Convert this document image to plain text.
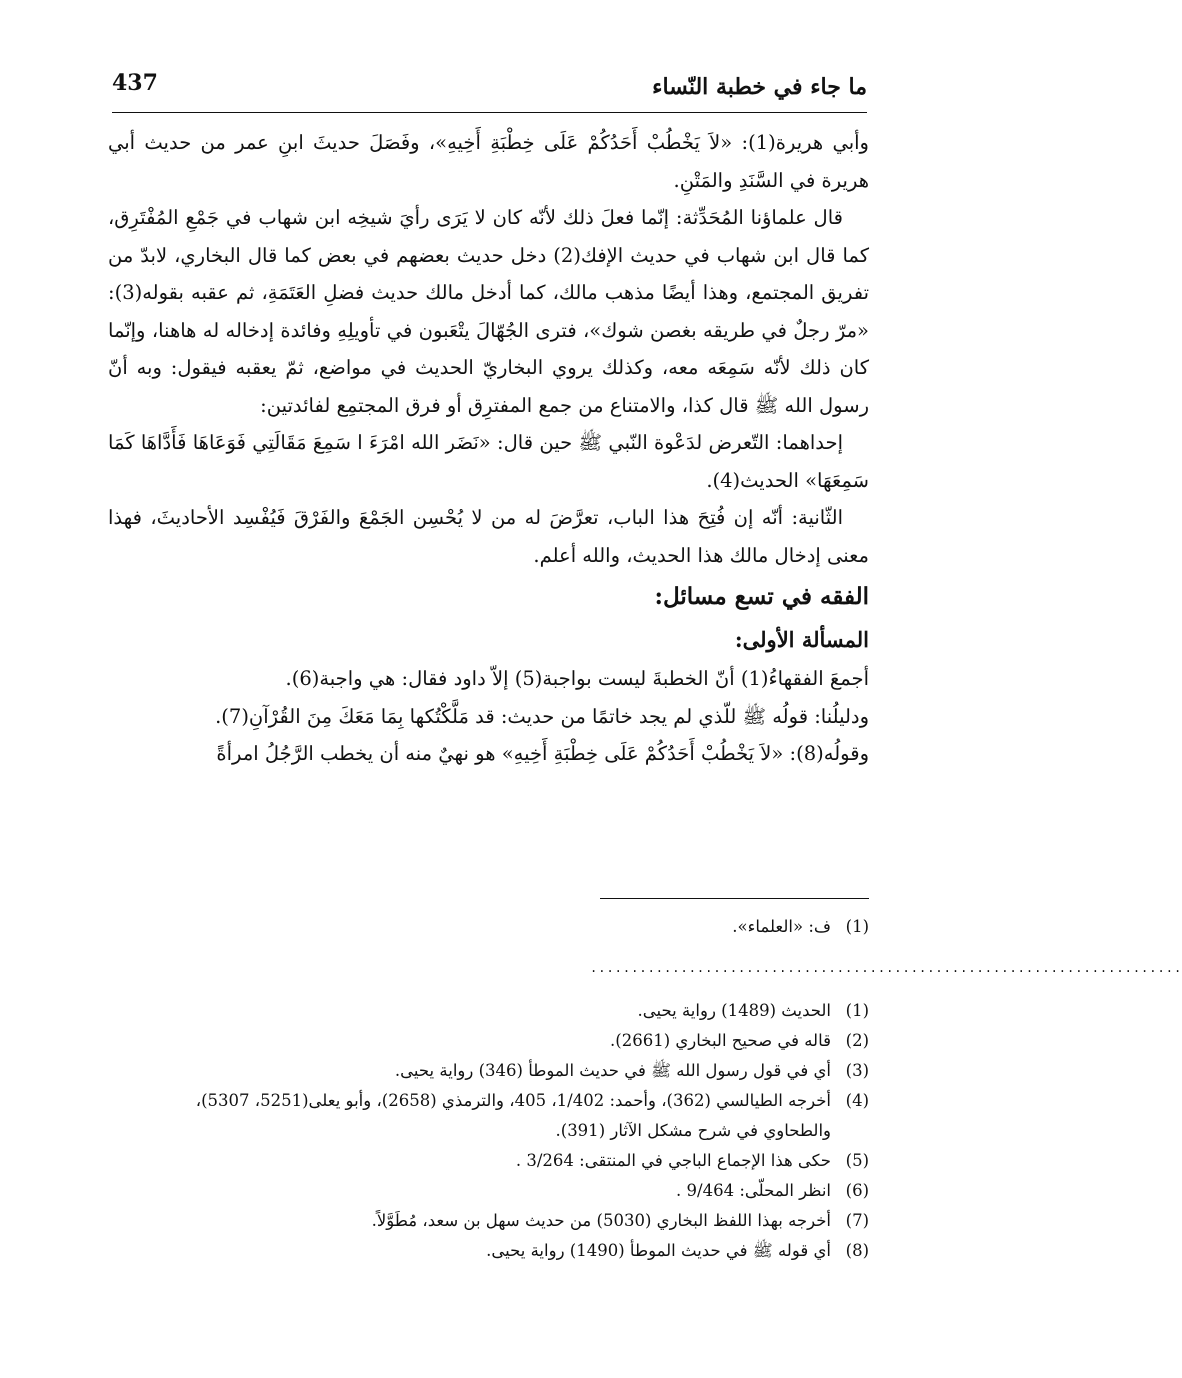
ما جاء في خطبة النّساء
437

وأبي هريرة(1): «لاَ يَخْطُبْ أَحَدُكُمْ عَلَى خِطْبَةِ أَخِيهِ»، وفَصَلَ حديثَ ابنِ عمر من حديث أبي هريرة في السَّنَدِ والمَتْنِ.

قال علماؤنا المُحَدِّثة: إنّما فعلَ ذلك لأنّه كان لا يَرَى رأيَ شيخِه ابن شهاب في جَمْعِ المُفْتَرِق، كما قال ابن شهاب في حديث الإفك(2) دخل حديث بعضهم في بعض كما قال البخاري، لابدّ من تفريق المجتمع، وهذا أيضًا مذهب مالك، كما أدخل مالك حديث فضلِ العَتَمَةِ، ثم عقبه بقوله(3): «مرّ رجلٌ في طريقه بغصن شوك»، فترى الجُهّالَ يتْعَبون في تأويلِهِ وفائدة إدخاله له هاهنا، وإنّما كان ذلك لأنّه سَمِعَه معه، وكذلك يروي البخاريّ الحديث في مواضع، ثمّ يعقبه فيقول: وبه أنّ رسول الله ﷺ قال كذا، والامتناع من جمع المفترِق أو فرق المجتمِع لفائدتين:

إحداهما: التّعرض لدَعْوة النّبي ﷺ حين قال: «نَضَر الله امْرَءَ ا سَمِعَ مَقَالَتِي فَوَعَاهَا فَأَدَّاهَا كَمَا سَمِعَهَا» الحديث(4).

الثّانية: أنّه إن فُتِحَ هذا الباب، تعرَّضَ له من لا يُحْسِن الجَمْعَ والفَرْقَ فَيُفْسِد الأحاديثَ، فهذا معنى إدخال مالك هذا الحديث، والله أعلم.

الفقه في تسع مسائل:

المسألة الأولى:

أجمعَ الفقهاءُ(1) أنّ الخطبةَ ليست بواجبة(5) إلاّ داود فقال: هي واجبة(6).

ودليلُنا: قولُه ﷺ للّذي لم يجد خاتمًا من حديث: قد مَلَّكْتُكها بِمَا مَعَكَ مِنَ القُرْآنِ(7).

وقولُه(8): «لاَ يَخْطُبْ أَحَدُكُمْ عَلَى خِطْبَةِ أَخِيهِ» هو نهيٌ منه أن يخطب الرَّجُلُ امرأةً

(1)
ف: «العلماء».
........................................................................
(1)
الحديث (1489) رواية يحيى.
(2)
قاله في صحيح البخاري (2661).
(3)
أي في قول رسول الله ﷺ في حديث الموطأ (346) رواية يحيى.
(4)
أخرجه الطيالسي (362)، وأحمد: 1/402، 405، والترمذي (2658)، وأبو يعلى(5251، 5307)،
والطحاوي في شرح مشكل الآثار (391).
(5)
حكى هذا الإجماع الباجي في المنتقى: 3/264 .
(6)
انظر المحلّى: 9/464 .
(7)
أخرجه بهذا اللفظ البخاري (5030) من حديث سهل بن سعد، مُطَوَّلاً.
(8)
أي قوله ﷺ في حديث الموطأ (1490) رواية يحيى.
